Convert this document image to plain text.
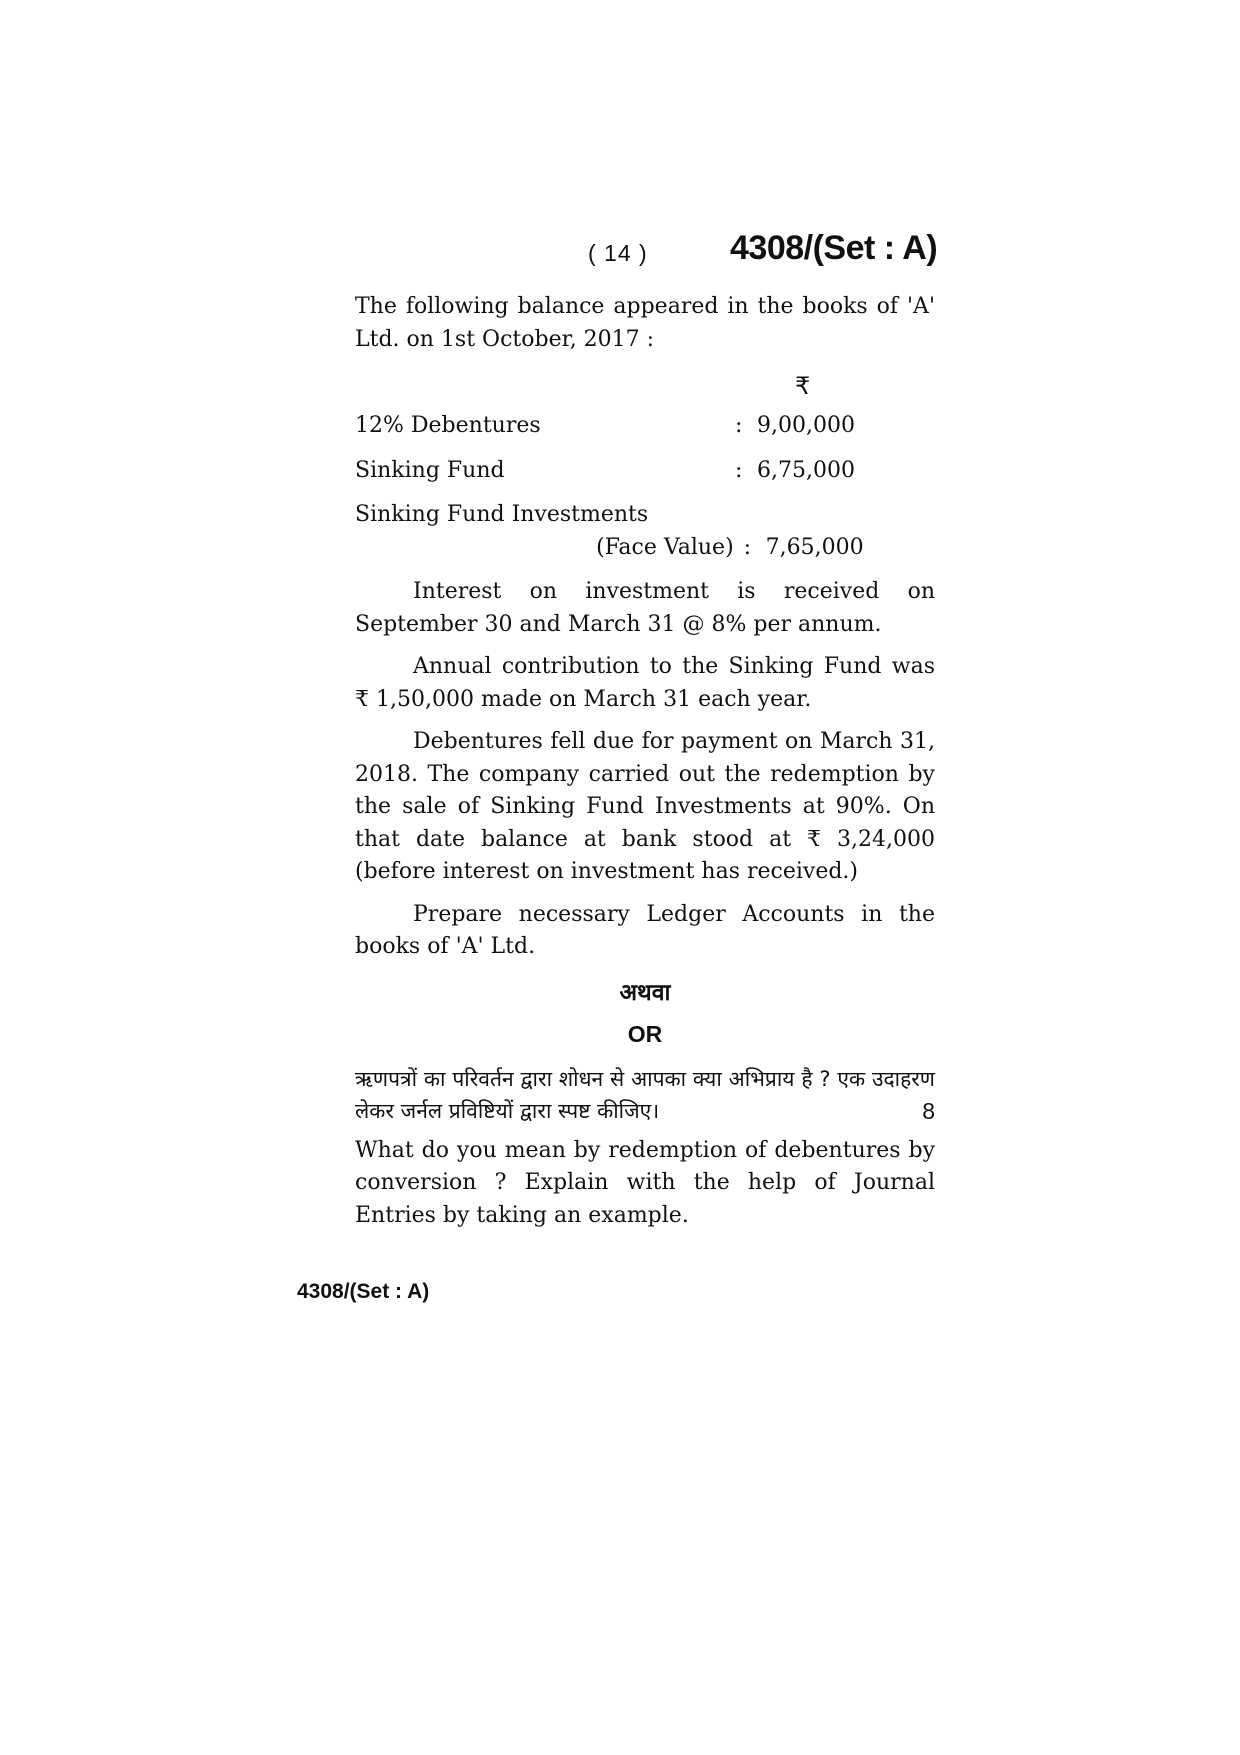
( 14 ) 4308/(Set : A)

The following balance appeared in the books of 'A' Ltd. on 1st October, 2017 :

₹
12% Debentures	: 9,00,000
Sinking Fund	: 6,75,000
Sinking Fund Investments
(Face Value) : 7,65,000

Interest on investment is received on September 30 and March 31 @ 8% per annum.

Annual contribution to the Sinking Fund was ₹ 1,50,000 made on March 31 each year.

Debentures fell due for payment on March 31, 2018. The company carried out the redemption by the sale of Sinking Fund Investments at 90%. On that date balance at bank stood at ₹ 3,24,000 (before interest on investment has received.)

Prepare necessary Ledger Accounts in the books of 'A' Ltd.

अथवा

OR

ऋणपत्रों का परिवर्तन द्वारा शोधन से आपका क्या अभिप्राय है ? एक उदाहरण लेकर जर्नल प्रविष्टियों द्वारा स्पष्ट कीजिए।	8

What do you mean by redemption of debentures by conversion ? Explain with the help of Journal Entries by taking an example.

4308/(Set : A)
